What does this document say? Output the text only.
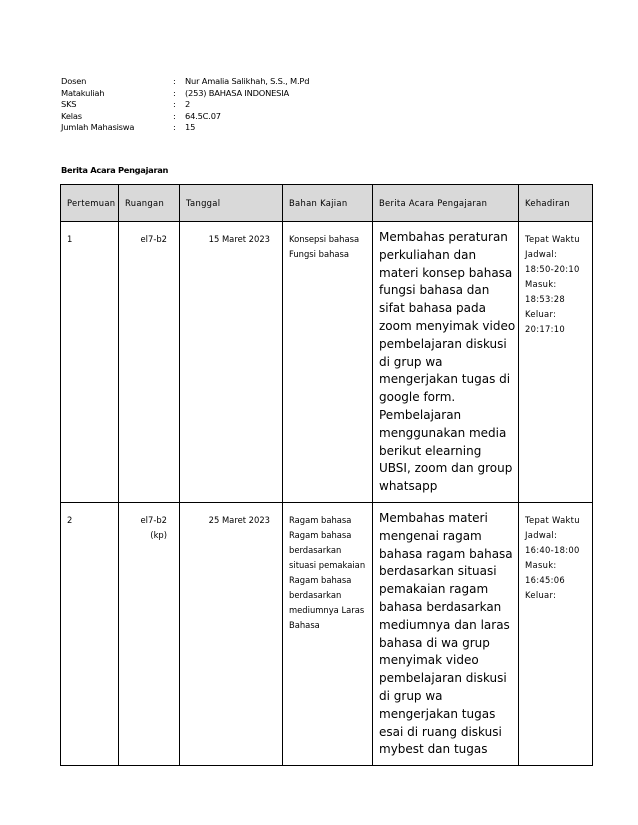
Dosen	:	Nur Amalia Salikhah, S.S., M.Pd
Matakuliah	:	(253) BAHASA INDONESIA
SKS	:	2
Kelas	:	64.5C.07
Jumlah Mahasiswa	:	15
Berita Acara Pengajaran
Pertemuan	Ruangan	Tanggal	Bahan Kajian	Berita Acara Pengajaran	Kehadiran
1	el7-b2	15 Maret 2023	Konsepsi bahasa Fungsi bahasa	Membahas peraturan perkuliahan dan materi konsep bahasa fungsi bahasa dan sifat bahasa pada zoom menyimak video pembelajaran diskusi di grup wa mengerjakan tugas di google form. Pembelajaran menggunakan media berikut elearning UBSI, zoom dan group whatsapp	Tepat Waktu Jadwal: 18:50-20:10 Masuk: 18:53:28 Keluar: 20:17:10
2	el7-b2 (kp)	25 Maret 2023	Ragam bahasa Ragam bahasa berdasarkan situasi pemakaian Ragam bahasa berdasarkan mediumnya Laras Bahasa	Membahas materi mengenai ragam bahasa ragam bahasa berdasarkan situasi pemakaian ragam bahasa berdasarkan mediumnya dan laras bahasa di wa grup menyimak video pembelajaran diskusi di grup wa mengerjakan tugas esai di ruang diskusi mybest dan tugas	Tepat Waktu Jadwal: 16:40-18:00 Masuk: 16:45:06 Keluar:
